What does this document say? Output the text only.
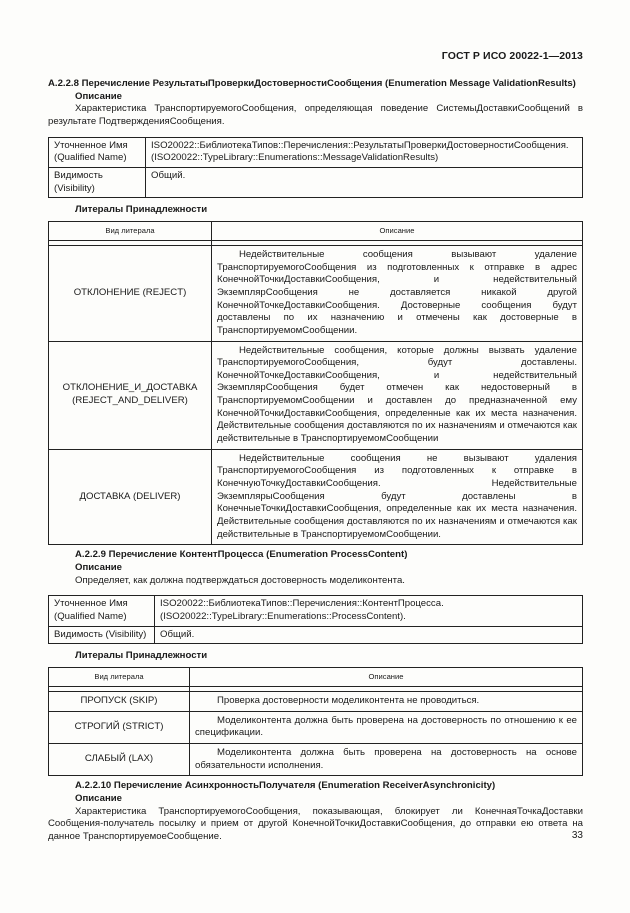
ГОСТ Р ИСО 20022-1—2013

A.2.2.8 Перечисление РезультатыПроверкиДостоверностиСообщения (Enumeration Message ValidationResults)

Описание

Характеристика ТранспортируемогоСообщения, определяющая поведение СистемыДоставкиСообщений в результате ПодтвержденияСообщения.

Уточненное Имя (Qualified Name)	ISO20022::БиблиотекаТипов::Перечисления::РезультатыПроверкиДостоверностиСообщения. (ISO20022::TypeLibrary::Enumerations::MessageValidationResults)
Видимость (Visibility)	Общий.

Литералы Принадлежности

Вид литерала	Описание

ОТКЛОНЕНИЕ (REJECT)	Недействительные сообщения вызывают удаление ТранспортируемогоСообщения из подготовленных к отправке в адрес КонечнойТочкиДоставкиСообщения, и недействительный ЭкземплярСообщения не доставляется никакой другой КонечнойТочкеДоставкиСообщения. Достоверные сообщения будут доставлены по их назначению и отмечены как достоверные в ТранспортируемомСообщении.
ОТКЛОНЕНИЕ_И_ДОСТАВКА (REJECT_AND_DELIVER)	Недействительные сообщения, которые должны вызвать удаление ТранспортируемогоСообщения, будут доставлены. КонечнойТочкеДоставкиСообщения, и недействительный ЭкземплярСообщения будет отмечен как недостоверный в ТранспортируемомСообщении и доставлен до предназначенной ему КонечнойТочкиДоставкиСообщения, определенные как их места назначения. Действительные сообщения доставляются по их назначениям и отмечаются как действительные в ТранспортируемомСообщении
ДОСТАВКА (DELIVER)	Недействительные сообщения не вызывают удаления ТранспортируемогоСообщения из подготовленных к отправке в КонечнуюТочкуДоставкиСообщения. Недействительные ЭкземплярыСообщения будут доставлены в КонечныеТочкиДоставкиСообщения, определенные как их места назначения. Действительные сообщения доставляются по их назначениям и отмечаются как действительные в ТранспортируемомСообщении.

A.2.2.9 Перечисление КонтентПроцесса (Enumeration ProcessContent)

Описание

Определяет, как должна подтверждаться достоверность моделиконтента.

Уточненное Имя (Qualified Name)	ISO20022::БиблиотекаТипов::Перечисления::КонтентПроцесса. (ISO20022::TypeLibrary::Enumerations::ProcessContent).
Видимость (Visibility)	Общий.

Литералы Принадлежности

Вид литерала	Описание

ПРОПУСК (SKIP)	Проверка достоверности моделиконтента не проводиться.
СТРОГИЙ (STRICT)	Моделиконтента должна быть проверена на достоверность по отношению к ее спецификации.
СЛАБЫЙ (LAX)	Моделиконтента должна быть проверена на достоверность на основе обязательности исполнения.

A.2.2.10 Перечисление АсинхронностьПолучателя (Enumeration ReceiverAsynchronicity)

Описание

Характеристика ТранспортируемогоСообщения, показывающая, блокирует ли КонечнаяТочкаДоставки Сообщения-получатель посылку и прием от другой КонечнойТочкиДоставкиСообщения, до отправки ею ответа на данное ТранспортируемоеСообщение.	33
